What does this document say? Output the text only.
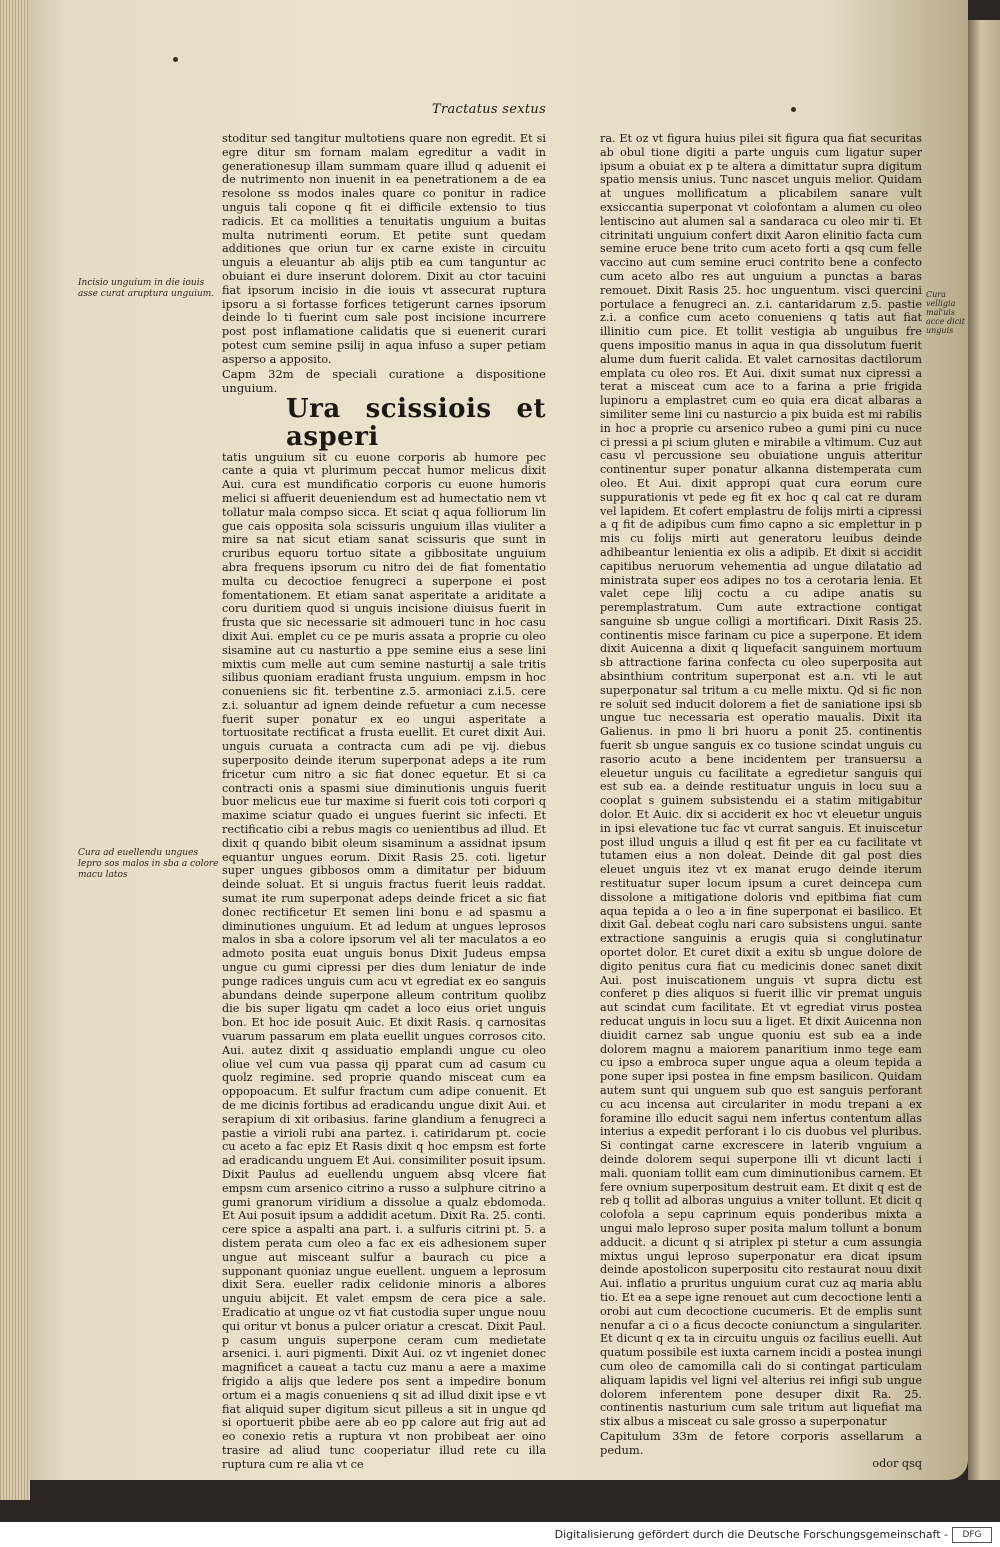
Tractatus sextus
Incisio unguium in die iouis asse curat aruptura unguium.
Cura ad euellendu ungues lepro sos malos in sba a colore macu latos
Cura velligia mal'uis acce dicit unguis

stoditur sed tangitur multotiens quare non egredit. Et si egre ditur sm fornam malam egreditur a vadit in generationesup illam summam quare illud q aduenit ei de nutrimento non inuenit in ea penetrationem a de ea resolone ss modos inales quare co ponitur in radice unguis tali copone q fit ei difficile extensio to tius radicis. Et ca mollities a tenuitatis unguium a buitas multa nutrimenti eorum. Et petite sunt quedam additiones que oriun tur ex carne existe in circuitu unguis a eleuantur ab alijs ptib ea cum tanguntur ac obuiant ei dure inserunt dolorem. Dixit au ctor tacuini fiat ipsorum incisio in die iouis vt assecurat ruptura ipsoru a si fortasse forfices tetigerunt carnes ipsorum deinde lo ti fuerint cum sale post incisione incurrere post post inflamatione calidatis que si euenerit curari potest cum semine psilij in aqua infuso a super petiam asperso a apposito.

Capm 32m de speciali curatione a dispositione unguium.

Ura scissiois et asperi

tatis unguium sit cu euone corporis ab humore pec cante a quia vt plurimum peccat humor melicus dixit Aui. cura est mundificatio corporis cu euone humoris melici si affuerit deueniendum est ad humectatio nem vt tollatur mala compso sicca. Et sciat q aqua folliorum lin gue cais opposita sola scissuris unguium illas viuliter a mire sa nat sicut etiam sanat scissuris que sunt in cruribus equoru tortuo sitate a gibbositate unguium abra frequens ipsorum cu nitro dei de fiat fomentatio multa cu decoctioe fenugreci a superpone ei post fomentationem. Et etiam sanat asperitate a ariditate a coru duritiem quod si unguis incisione diuisus fuerit in frusta que sic necessarie sit admoueri tunc in hoc casu dixit Aui. emplet cu ce pe muris assata a proprie cu oleo sisamine aut cu nasturtio a ppe semine eius a sese lini mixtis cum melle aut cum semine nasturtij a sale tritis silibus quoniam eradiant frusta unguium. empsm in hoc conueniens sic fit. terbentine z.5. armoniaci z.i.5. cere z.i. soluantur ad ignem deinde refuetur a cum necesse fuerit super ponatur ex eo ungui asperitate a tortuositate rectificat a frusta euellit. Et curet dixit Aui. unguis curuata a contracta cum adi pe vij. diebus superposito deinde iterum superponat adeps a ite rum fricetur cum nitro a sic fiat donec equetur. Et si ca contracti onis a spasmi siue diminutionis unguis fuerit buor melicus eue tur maxime si fuerit cois toti corpori q maxime sciatur quado ei ungues fuerint sic infecti. Et rectificatio cibi a rebus magis co uenientibus ad illud. Et dixit q quando bibit oleum sisaminum a assidnat ipsum equantur ungues eorum. Dixit Rasis 25. coti. ligetur super ungues gibbosos omm a dimitatur per biduum deinde soluat. Et si unguis fractus fuerit leuis raddat. sumat ite rum superponat adeps deinde fricet a sic fiat donec rectificetur Et semen lini bonu e ad spasmu a diminutiones unguium. Et ad ledum at ungues leprosos malos in sba a colore ipsorum vel ali ter maculatos a eo admoto posita euat unguis bonus Dixit Judeus empsa ungue cu gumi cipressi per dies dum leniatur de inde punge radices unguis cum acu vt egrediat ex eo sanguis abundans deinde superpone alleum contritum quolibz die bis super ligatu qm cadet a loco eius oriet unguis bon. Et hoc ide posuit Auic. Et dixit Rasis. q carnositas vuarum passarum em plata euellit ungues corrosos cito. Aui. autez dixit q assiduatio emplandi ungue cu oleo oliue vel cum vua passa qij pparat cum ad casum cu quolz regimine. sed proprie quando misceat cum ea oppopoacum. Et sulfur fractum cum adipe conuenit. Et de me dicinis fortibus ad eradicandu ungue dixit Aui. et serapium di xit oribasius. farine glandium a fenugreci a pastie a virioli rubi ana partez. i. catiridarum pt. cocie cu aceto a fac epiz Et Rasis dixit q hoc empsm est forte ad eradicandu unguem Et Aui. consimiliter posuit ipsum. Dixit Paulus ad euellendu unguem absq vlcere fiat empsm cum arsenico citrino a russo a sulphure citrino a gumi granorum viridium a dissolue a qualz ebdomoda. Et Aui posuit ipsum a addidit acetum. Dixit Ra. 25. conti. cere spice a aspalti ana part. i. a sulfuris citrini pt. 5. a distem perata cum oleo a fac ex eis adhesionem super ungue aut misceant sulfur a baurach cu pice a supponant quoniaz ungue euellent. unguem a leprosum dixit Sera. eueller radix celidonie minoris a albores unguiu abijcit. Et valet empsm de cera pice a sale. Eradicatio at ungue oz vt fiat custodia super ungue nouu qui oritur vt bonus a pulcer oriatur a crescat. Dixit Paul. p casum unguis superpone ceram cum medietate arsenici. i. auri pigmenti. Dixit Aui. oz vt ingeniet donec magnificet a caueat a tactu cuz manu a aere a maxime frigido a alijs que ledere pos sent a impedire bonum ortum ei a magis conueniens q sit ad illud dixit ipse e vt fiat aliquid super digitum sicut pilleus a sit in ungue qd si oportuerit pbibe aere ab eo pp calore aut frig aut ad eo conexio retis a ruptura vt non probibeat aer oino trasire ad aliud tunc cooperiatur illud rete cu illa ruptura cum re alia vt ce

ra. Et oz vt figura huius pilei sit figura qua fiat securitas ab obul tione digiti a parte unguis cum ligatur super ipsum a obuiat ex p te altera a dimittatur supra digitum spatio mensis unius. Tunc nascet unguis melior. Quidam at ungues mollificatum a plicabilem sanare vult exsiccantia superponat vt colofontam a alumen cu oleo lentiscino aut alumen sal a sandaraca cu oleo mir ti. Et citrinitati unguium confert dixit Aaron elinitio facta cum semine eruce bene trito cum aceto forti a qsq cum felle vaccino aut cum semine eruci contrito bene a confecto cum aceto albo res aut unguium a punctas a baras remouet. Dixit Rasis 25. hoc unguentum. visci quercini portulace a fenugreci an. z.i. cantaridarum z.5. pastie z.i. a confice cum aceto conueniens q tatis aut fiat illinitio cum pice. Et tollit vestigia ab unguibus fre quens impositio manus in aqua in qua dissolutum fuerit alume dum fuerit calida. Et valet carnositas dactilorum emplata cu oleo ros. Et Aui. dixit sumat nux cipressi a terat a misceat cum ace to a farina a prie frigida lupinoru a emplastret cum eo quia era dicat albaras a similiter seme lini cu nasturcio a pix buida est mi rabilis in hoc a proprie cu arsenico rubeo a gumi pini cu nuce ci pressi a pi scium gluten e mirabile a vltimum. Cuz aut casu vl percussione seu obuiatione unguis atteritur continentur super ponatur alkanna distemperata cum oleo. Et Aui. dixit appropi quat cura eorum cure suppurationis vt pede eg fit ex hoc q cal cat re duram vel lapidem. Et cofert emplastru de folijs mirti a cipressi a q fit de adipibus cum fimo capno a sic emplettur in p mis cu folijs mirti aut generatoru leuibus deinde adhibeantur lenientia ex olis a adipib. Et dixit si accidit capitibus neruorum vehementia ad ungue dilatatio ad ministrata super eos adipes no tos a cerotaria lenia. Et valet cepe lilij coctu a cu adipe anatis su peremplastratum. Cum aute extractione contigat sanguine sb ungue colligi a mortificari. Dixit Rasis 25. continentis misce farinam cu pice a superpone. Et idem dixit Auicenna a dixit q liquefacit sanguinem mortuum sb attractione farina confecta cu oleo superposita aut absinthium contritum superponat est a.n. vti le aut superponatur sal tritum a cu melle mixtu. Qd si fic non re soluit sed inducit dolorem a fiet de saniatione ipsi sb ungue tuc necessaria est operatio maualis. Dixit ita Galienus. in pmo li bri huoru a ponit 25. continentis fuerit sb ungue sanguis ex co tusione scindat unguis cu rasorio acuto a bene incidentem per transuersu a eleuetur unguis cu facilitate a egredietur sanguis qui est sub ea. a deinde restituatur unguis in locu suu a cooplat s guinem subsistendu ei a statim mitigabitur dolor. Et Auic. dix si acciderit ex hoc vt eleuetur unguis in ipsi elevatione tuc fac vt currat sanguis. Et inuiscetur post illud unguis a illud q est fit per ea cu facilitate vt tutamen eius a non doleat. Deinde dit gal post dies eleuet unguis itez vt ex manat erugo deinde iterum restituatur super locum ipsum a curet deincepa cum dissolone a mitigatione doloris vnd epitbima fiat cum aqua tepida a o leo a in fine superponat ei basilico. Et dixit Gal. debeat coglu nari caro subsistens ungui. sante extractione sanguinis a erugis quia si conglutinatur oportet dolor. Et curet dixit a exitu sb ungue dolore de digito penitus cura fiat cu medicinis donec sanet dixit Aui. post inuiscationem unguis vt supra dictu est conferet p dies aliquos si fuerit illic vir premat unguis aut scindat cum facilitate. Et vt egrediat virus postea reducat unguis in locu suu a liget. Et dixit Auicenna non diuidit carnez sab ungue quoniu est sub ea a inde dolorem magnu a maiorem panaritium inmo tege eam cu ipso a embroca super ungue aqua a oleum tepida a pone super ipsi postea in fine empsm basilicon. Quidam autem sunt qui unguem sub quo est sanguis perforant cu acu incensa aut circulariter in modu trepani a ex foramine illo educit sagui nem infertus contentum allas interius a expedit perforant i lo cis duobus vel pluribus. Si contingat carne excrescere in laterib vnguium a deinde dolorem sequi superpone illi vt dicunt lacti i mali. quoniam tollit eam cum diminutionibus carnem. Et fere ovnium superpositum destruit eam. Et dixit q est de reb q tollit ad alboras unguius a vniter tollunt. Et dicit q colofola a sepu caprinum equis ponderibus mixta a ungui malo leproso super posita malum tollunt a bonum adducit. a dicunt q si atriplex pi stetur a cum assungia mixtus ungui leproso superponatur era dicat ipsum deinde apostolicon superpositu cito restaurat nouu dixit Aui. inflatio a pruritus unguium curat cuz aq maria ablu tio. Et ea a sepe igne renouet aut cum decoctione lenti a orobi aut cum decoctione cucumeris. Et de emplis sunt nenufar a ci o a ficus decocte coniunctum a singulariter. Et dicunt q ex ta in circuitu unguis oz facilius euelli. Aut quatum possibile est iuxta carnem incidi a postea inungi cum oleo de camomilla cali do si contingat particulam aliquam lapidis vel ligni vel alterius rei infigi sub ungue dolorem inferentem pone desuper dixit Ra. 25. continentis nasturium cum sale tritum aut liquefiat ma stix albus a misceat cu sale grosso a superponatur

Capitulum 33m de fetore corporis assellarum a pedum.

odor qsq

Digitalisierung gefördert durch die Deutsche Forschungsgemeinschaft -	DFG
